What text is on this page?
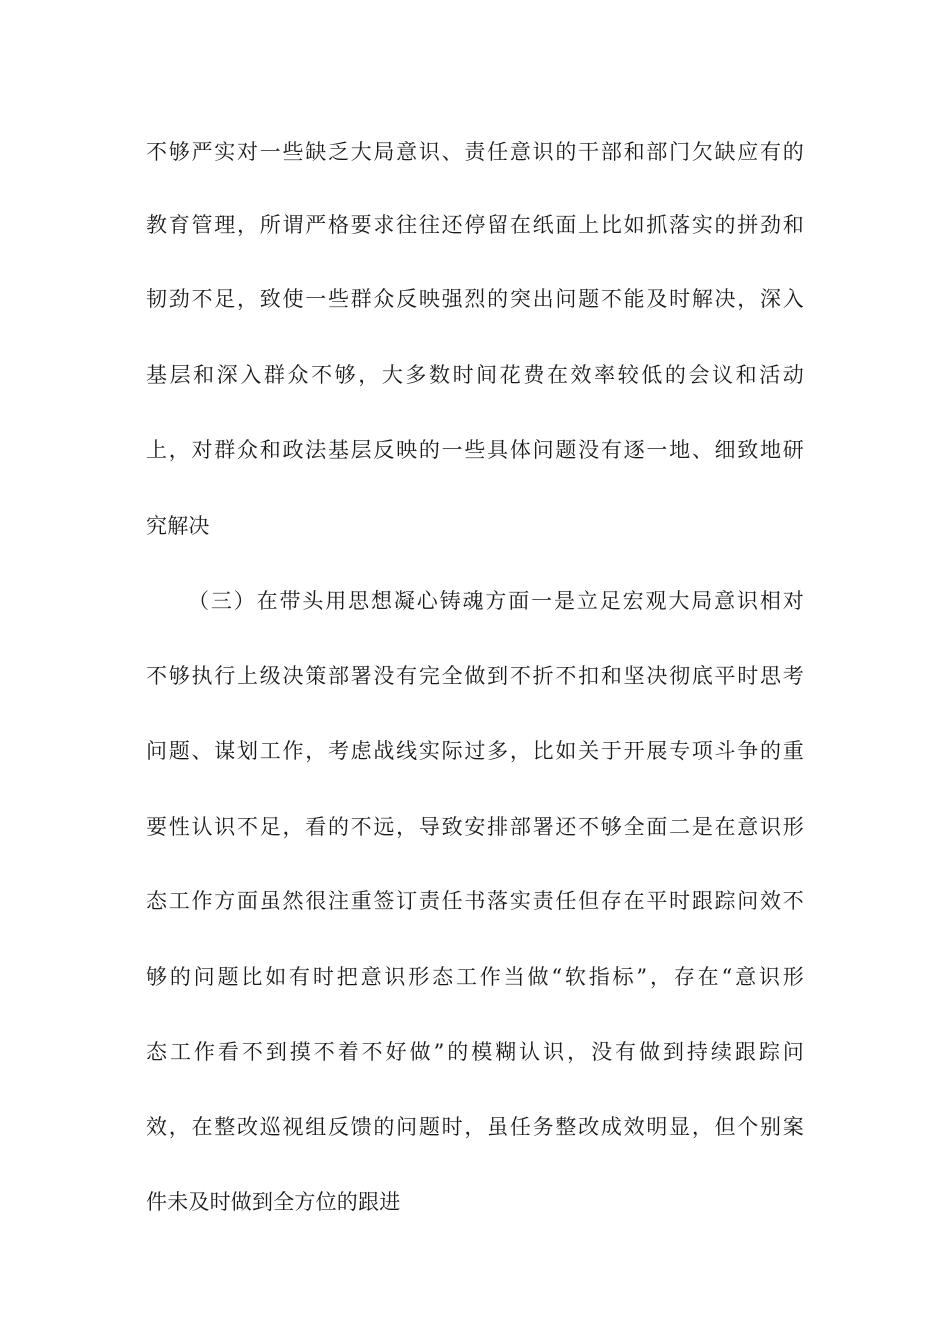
不够严实对一些缺乏大局意识、责任意识的干部和部门欠缺应有的
教育管理，所谓严格要求往往还停留在纸面上比如抓落实的拼劲和
韧劲不足，致使一些群众反映强烈的突出问题不能及时解决，深入
基层和深入群众不够，大多数时间花费在效率较低的会议和活动
上，对群众和政法基层反映的一些具体问题没有逐一地、细致地研
究解决
（三）在带头用思想凝心铸魂方面一是立足宏观大局意识相对
不够执行上级决策部署没有完全做到不折不扣和坚决彻底平时思考
问题、谋划工作，考虑战线实际过多，比如关于开展专项斗争的重
要性认识不足，看的不远，导致安排部署还不够全面二是在意识形
态工作方面虽然很注重签订责任书落实责任但存在平时跟踪问效不
够的问题比如有时把意识形态工作当做“软指标”，存在“意识形
态工作看不到摸不着不好做”的模糊认识，没有做到持续跟踪问
效，在整改巡视组反馈的问题时，虽任务整改成效明显，但个别案
件未及时做到全方位的跟进
